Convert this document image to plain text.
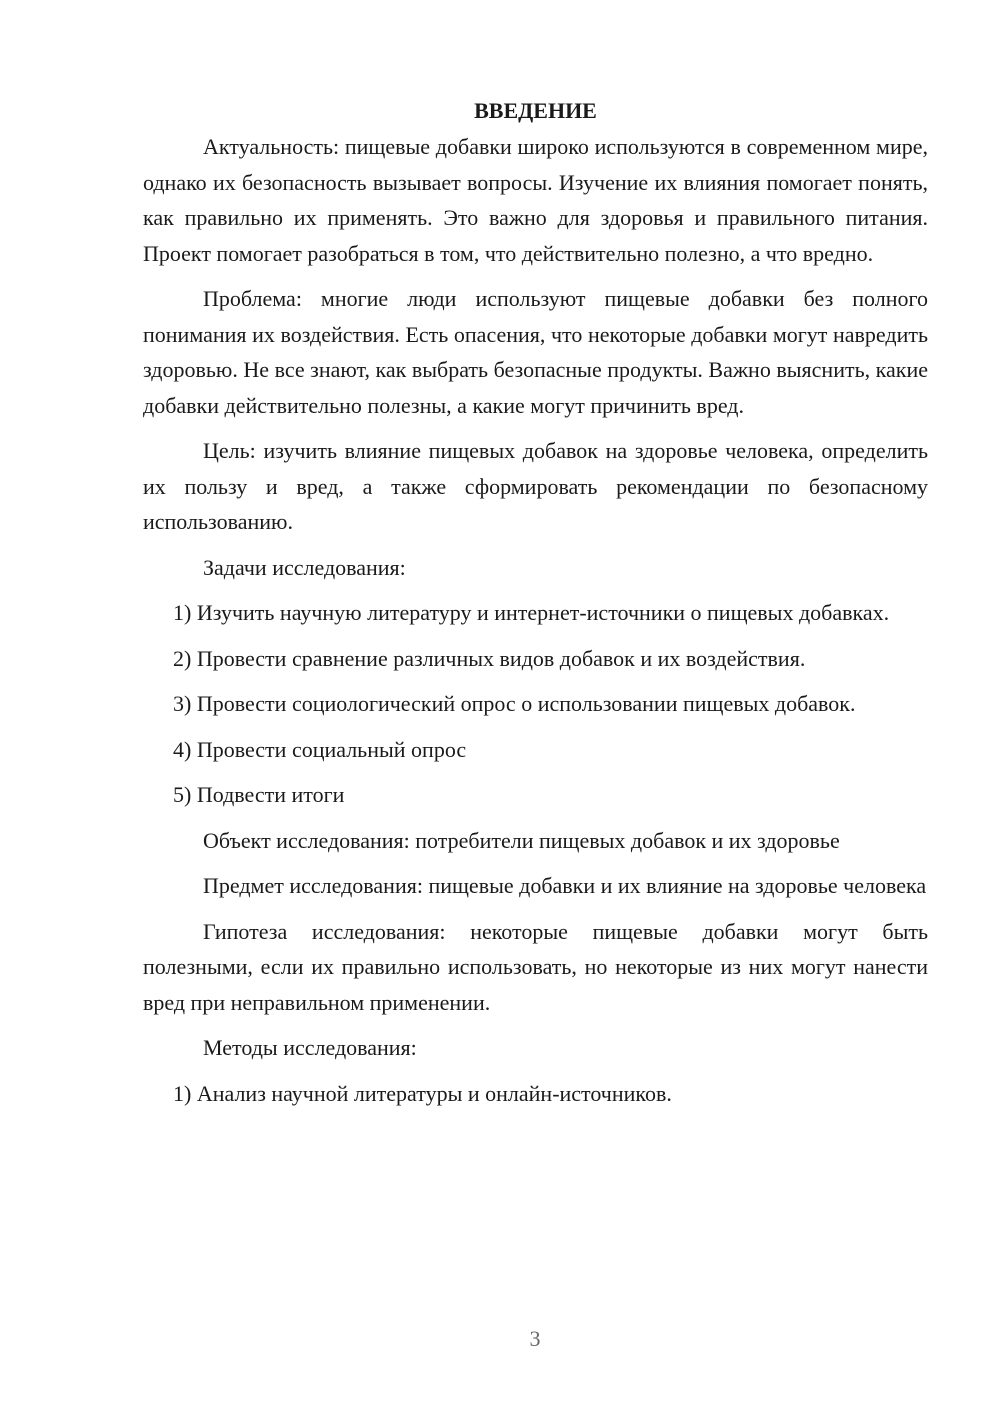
ВВЕДЕНИЕ

Актуальность: пищевые добавки широко используются в современном мире, однако их безопасность вызывает вопросы. Изучение их влияния помогает понять, как правильно их применять. Это важно для здоровья и правильного питания. Проект помогает разобраться в том, что действительно полезно, а что вредно.

Проблема: многие люди используют пищевые добавки без полного понимания их воздействия. Есть опасения, что некоторые добавки могут навредить здоровью. Не все знают, как выбрать безопасные продукты. Важно выяснить, какие добавки действительно полезны, а какие могут причинить вред.

Цель: изучить влияние пищевых добавок на здоровье человека, определить их пользу и вред, а также сформировать рекомендации по безопасному использованию.

Задачи исследования:

1) Изучить научную литературу и интернет-источники о пищевых добавках.

2) Провести сравнение различных видов добавок и их воздействия.

3) Провести социологический опрос о использовании пищевых добавок.

4) Провести социальный опрос

5) Подвести итоги

Объект исследования: потребители пищевых добавок и их здоровье

Предмет исследования: пищевые добавки и их влияние на здоровье человека

Гипотеза исследования: некоторые пищевые добавки могут быть полезными, если их правильно использовать, но некоторые из них могут нанести вред при неправильном применении.

Методы исследования:

1) Анализ научной литературы и онлайн-источников.

3
